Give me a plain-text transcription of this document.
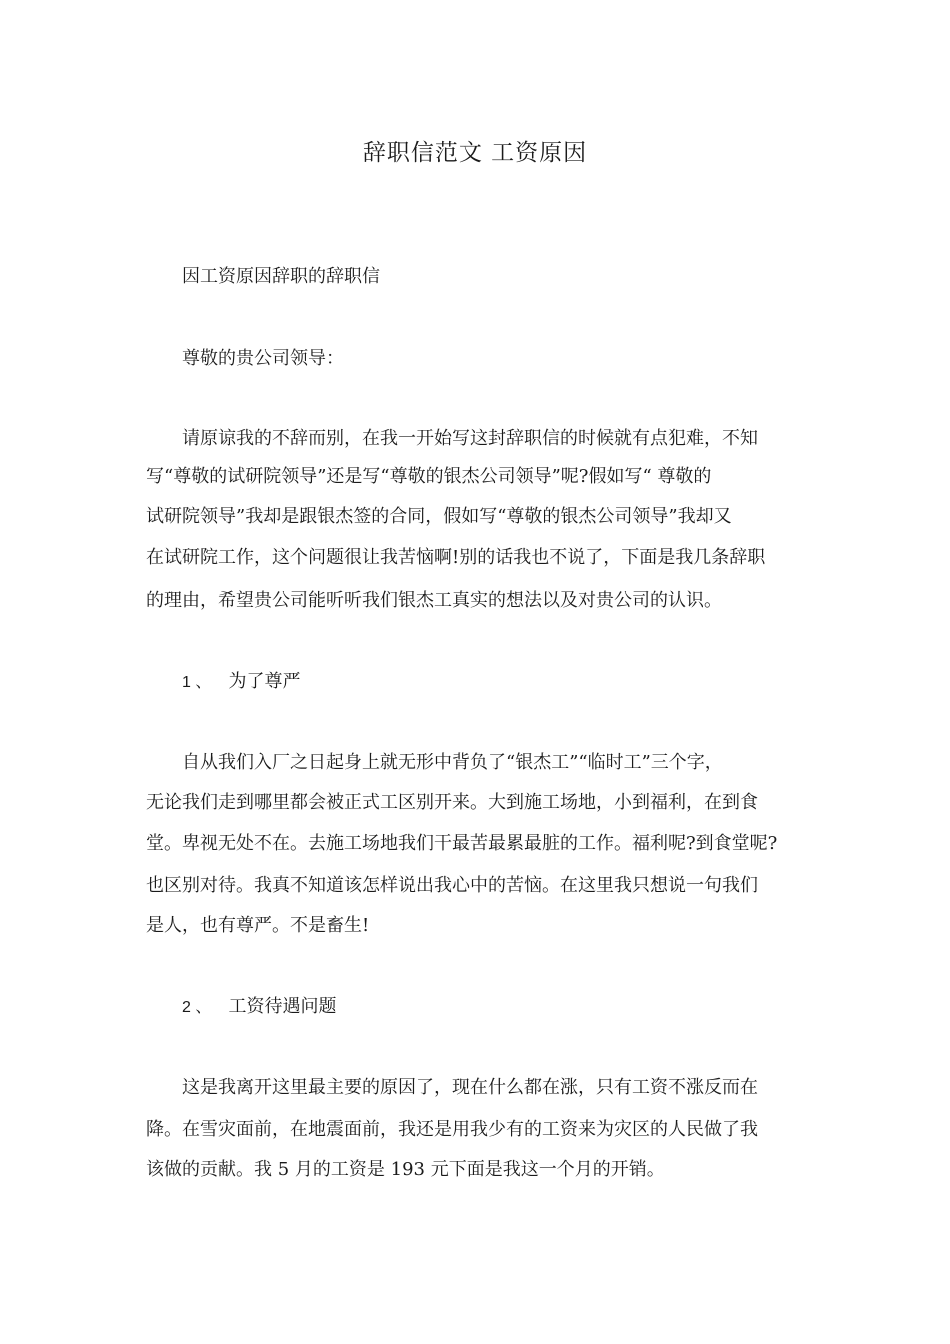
辞职信范文 工资原因
因工资原因辞职的辞职信
尊敬的贵公司领导：
请原谅我的不辞而别，在我一开始写这封辞职信的时候就有点犯难，不知
写“尊敬的试研院领导”还是写“尊敬的银杰公司领导”呢?假如写“ 尊敬的
试研院领导”我却是跟银杰签的合同，假如写“尊敬的银杰公司领导”我却又
在试研院工作，这个问题很让我苦恼啊!别的话我也不说了，下面是我几条辞职
的理由，希望贵公司能听听我们银杰工真实的想法以及对贵公司的认识。
1 、 为了尊严
自从我们入厂之日起身上就无形中背负了“银杰工”“临时工”三个字，
无论我们走到哪里都会被正式工区别开来。大到施工场地，小到福利，在到食
堂。卑视无处不在。去施工场地我们干最苦最累最脏的工作。福利呢?到食堂呢?
也区别对待。我真不知道该怎样说出我心中的苦恼。在这里我只想说一句我们
是人，也有尊严。不是畜生!
2 、 工资待遇问题
这是我离开这里最主要的原因了，现在什么都在涨，只有工资不涨反而在
降。在雪灾面前，在地震面前，我还是用我少有的工资来为灾区的人民做了我
该做的贡献。我 5 月的工资是 193 元下面是我这一个月的开销。
